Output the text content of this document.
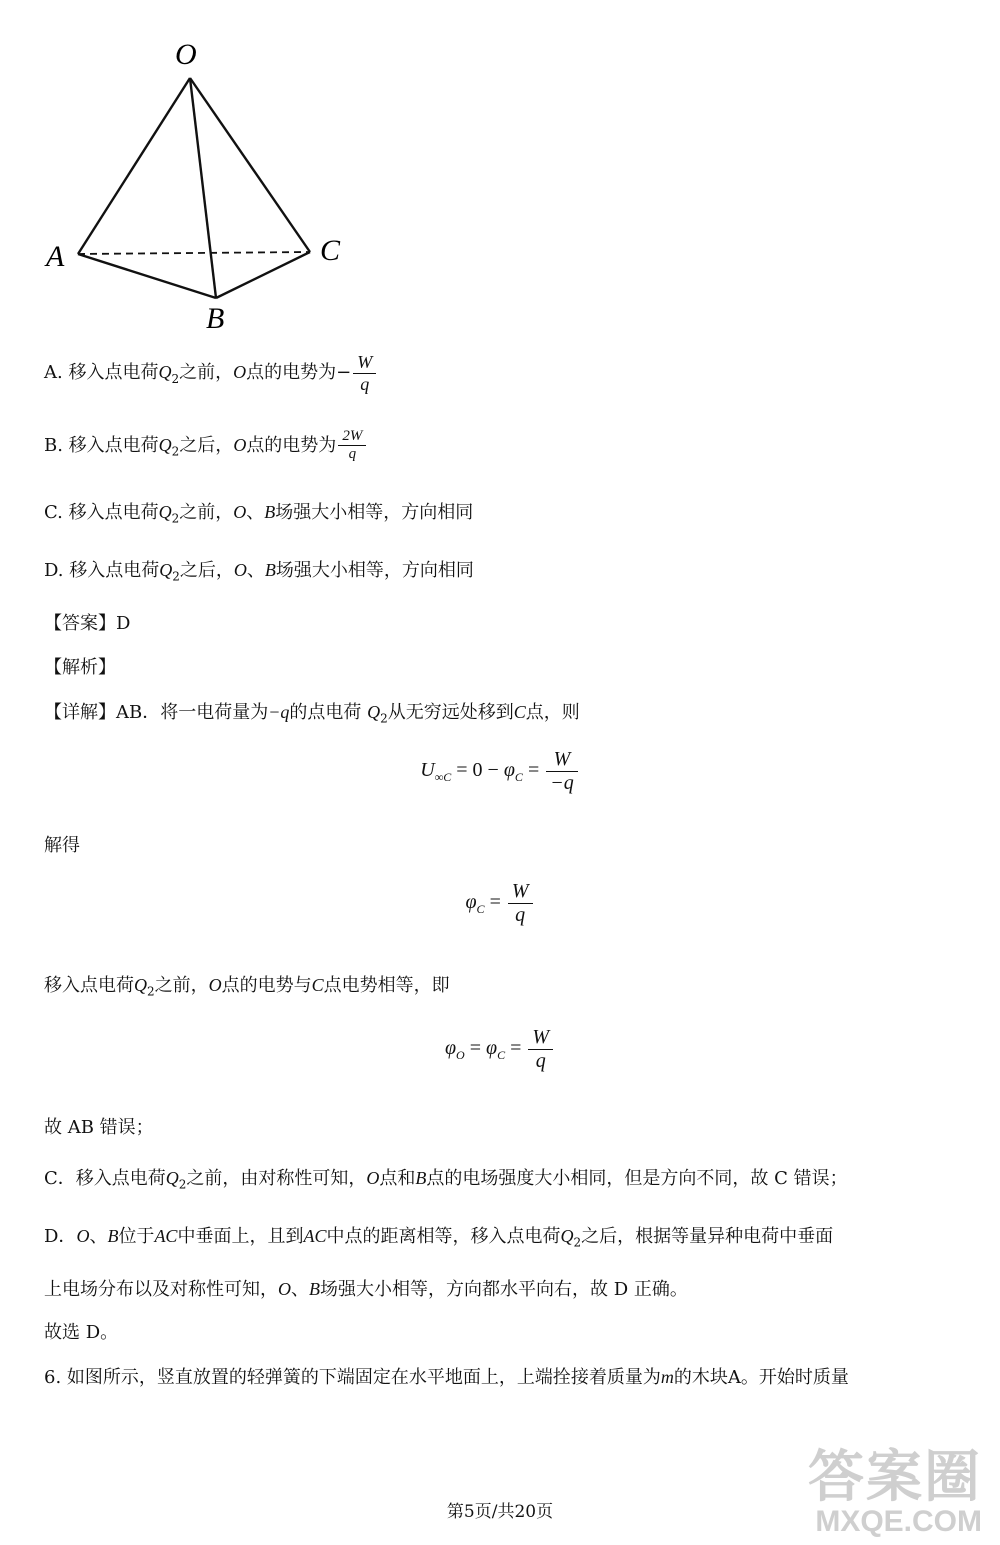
O
A
B
C
A. 移入点电荷$Q_2$之前，O点的电势为− $\frac{W}{q}$
B. 移入点电荷$Q_2$之后，O点的电势为 $\frac{2W}{q}$
C. 移入点电荷$Q_2$之前，O、B场强大小相等，方向相同
D. 移入点电荷$Q_2$之后，O、B场强大小相等，方向相同
【答案】D
【解析】
【详解】AB．将一电荷量为−q的点电荷 $Q_2$从无穷远处移到C点，则
$U_{\infty C} = 0 - \varphi_C = \frac{W}{-q}$
解得
$\varphi_C = \frac{W}{q}$
移入点电荷$Q_2$之前，O点的电势与C点电势相等，即
$\varphi_O = \varphi_C = \frac{W}{q}$
故 AB 错误；
C．移入点电荷$Q_2$之前，由对称性可知，O点和B点的电场强度大小相同，但是方向不同，故 C 错误；
D．O、B位于AC中垂面上，且到AC中点的距离相等，移入点电荷$Q_2$之后，根据等量异种电荷中垂面
上电场分布以及对称性可知，O、B场强大小相等，方向都水平向右，故 D 正确。
故选 D。
6. 如图所示，竖直放置的轻弹簧的下端固定在水平地面上，上端拴接着质量为m的木块A。开始时质量
第5页/共20页
答案圈
MXQE.COM
